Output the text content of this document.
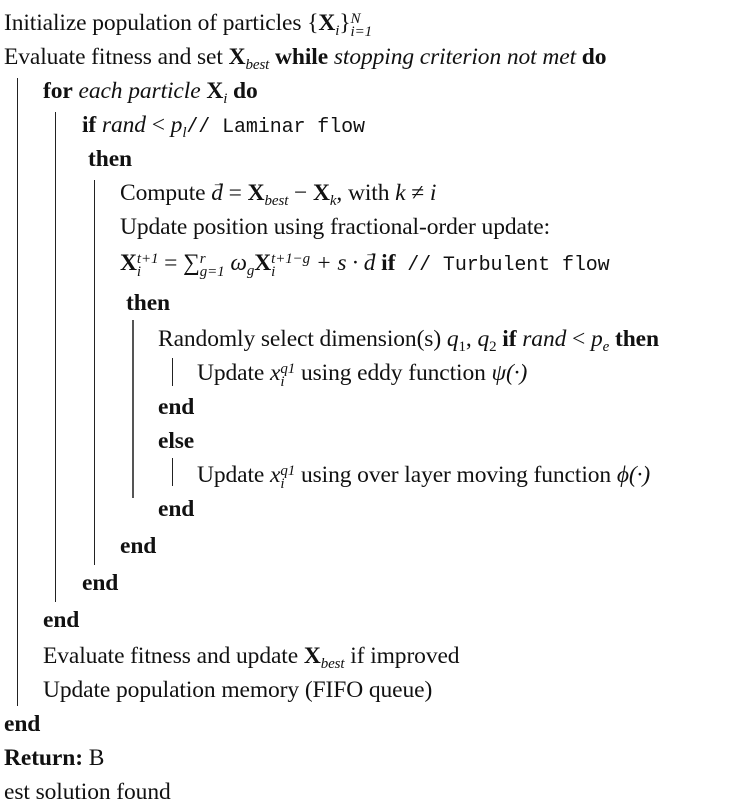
Initialize population of particles $\{X_i\}$ N
i=1
Evaluate fitness and set $X_{best}$ while stopping criterion not met do
for each particle $X_i$ do
if rand < $p_l//$ Laminar flow
then
Compute → $d = X_{best} - X_k$, with k ≠ i
Update position using fractional-order update:
X t+1
i = ∑ r
g=1 $\omega_gX$ t+1−g
i	+ s · → d if // Turbulent flow
then
Randomly select dimension(s) $q_1$, $q_2$ if rand < $p_e$ then
Update x q1
i using eddy function ψ(·)
end
else
Update x q1
i using over layer moving function ϕ(·)
end
end
end
end
Evaluate fitness and update $X_{best}$ if improved
Update population memory (FIFO queue)
end
Return: B
est solution found
